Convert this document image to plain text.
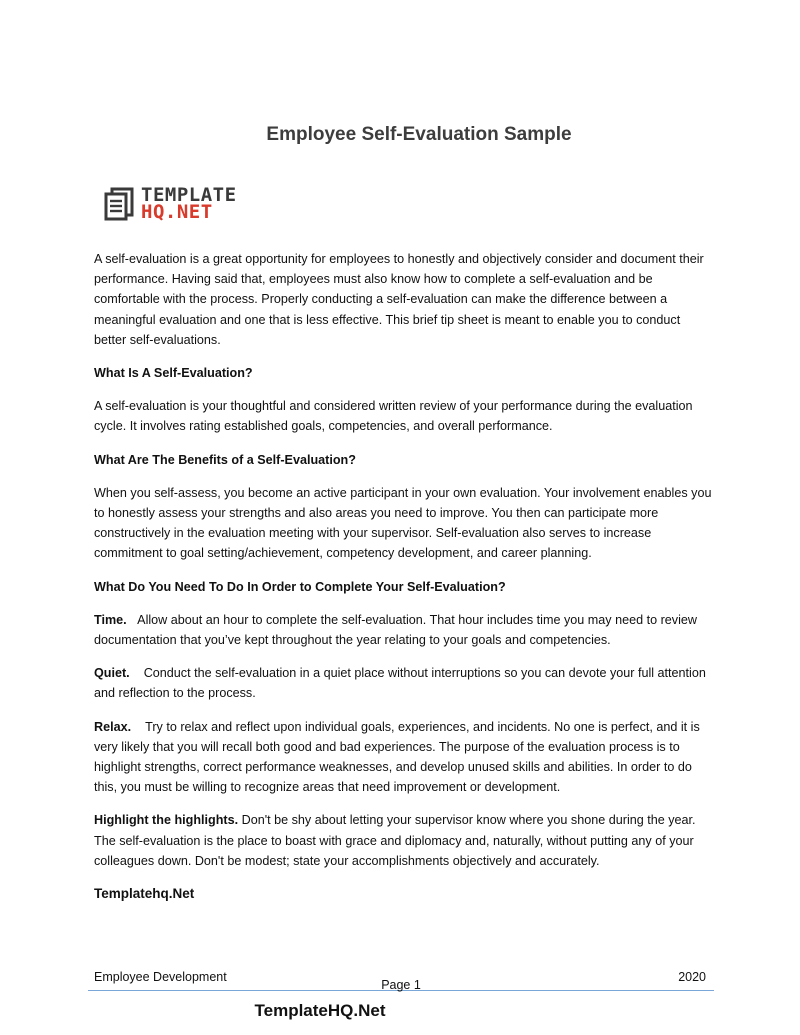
Employee Self-Evaluation Sample
TEMPLATE
HQ.NET

A self-evaluation is a great opportunity for employees to honestly and objectively consider and document their performance. Having said that, employees must also know how to complete a self-evaluation and be comfortable with the process. Properly conducting a self-evaluation can make the difference between a meaningful evaluation and one that is less effective. This brief tip sheet is meant to enable you to conduct better self-evaluations.

What Is A Self-Evaluation?

A self-evaluation is your thoughtful and considered written review of your performance during the evaluation cycle. It involves rating established goals, competencies, and overall performance.

What Are The Benefits of a Self-Evaluation?

When you self-assess, you become an active participant in your own evaluation. Your involvement enables you to honestly assess your strengths and also areas you need to improve. You then can participate more constructively in the evaluation meeting with your supervisor. Self-evaluation also serves to increase commitment to goal setting/achievement, competency development, and career planning.

What Do You Need To Do In Order to Complete Your Self-Evaluation?

Time. Allow about an hour to complete the self-evaluation. That hour includes time you may need to review documentation that you’ve kept throughout the year relating to your goals and competencies.

Quiet. Conduct the self-evaluation in a quiet place without interruptions so you can devote your full attention and reflection to the process.

Relax. Try to relax and reflect upon individual goals, experiences, and incidents. No one is perfect, and it is very likely that you will recall both good and bad experiences. The purpose of the evaluation process is to highlight strengths, correct performance weaknesses, and develop unused skills and abilities. In order to do this, you must be willing to recognize areas that need improvement or development.

Highlight the highlights. Don't be shy about letting your supervisor know where you shone during the year. The self-evaluation is the place to boast with grace and diplomacy and, naturally, without putting any of your colleagues down. Don't be modest; state your accomplishments objectively and accurately.

Templatehq.Net

Employee Development
Page 1
2020
TemplateHQ.Net
